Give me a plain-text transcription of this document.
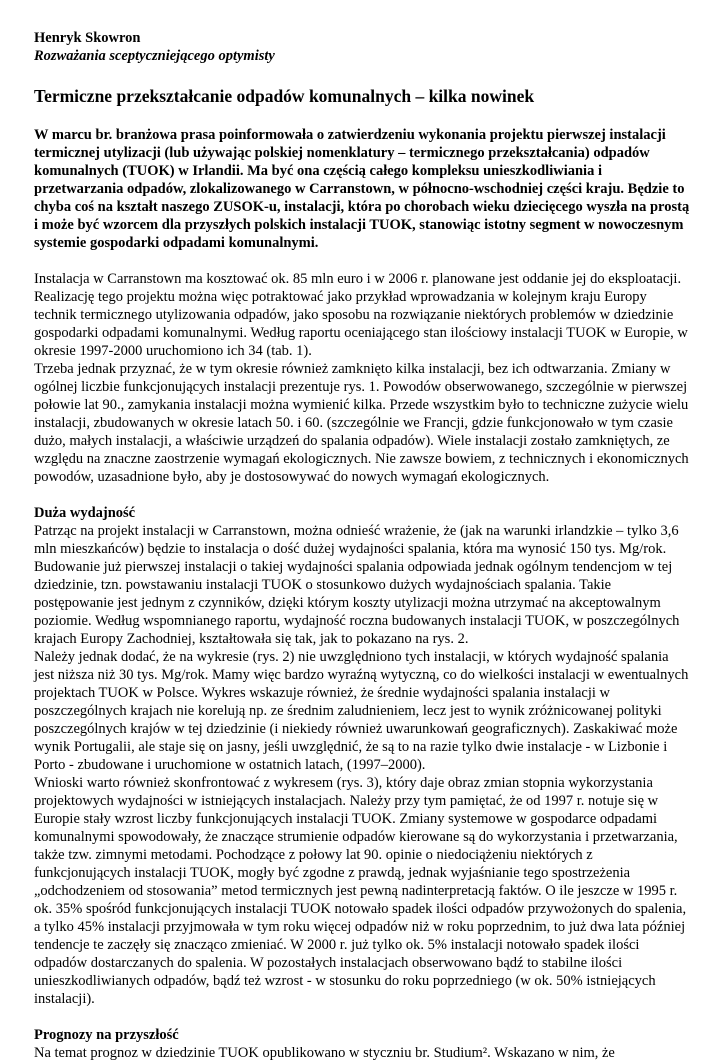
Henryk Skowron

Rozważania sceptyczniejącego optymisty

Termiczne przekształcanie odpadów komunalnych – kilka nowinek

W marcu br. branżowa prasa poinformowała o zatwierdzeniu wykonania projektu pierwszej instalacji termicznej utylizacji (lub używając polskiej nomenklatury – termicznego przekształcania) odpadów komunalnych (TUOK) w Irlandii. Ma być ona częścią całego kompleksu unieszkodliwiania i przetwarzania odpadów, zlokalizowanego w Carranstown, w północno-wschodniej części kraju. Będzie to chyba coś na kształt naszego ZUSOK-u, instalacji, która po chorobach wieku dziecięcego wyszła na prostą i może być wzorcem dla przyszłych polskich instalacji TUOK, stanowiąc istotny segment w nowoczesnym systemie gospodarki odpadami komunalnymi.

Instalacja w Carranstown ma kosztować ok. 85 mln euro i w 2006 r. planowane jest oddanie jej do eksploatacji. Realizację tego projektu można więc potraktować jako przykład wprowadzania w kolejnym kraju Europy technik termicznego utylizowania odpadów, jako sposobu na rozwiązanie niektórych problemów w dziedzinie gospodarki odpadami komunalnymi. Według raportu oceniającego stan ilościowy instalacji TUOK w Europie, w okresie 1997-2000 uruchomiono ich 34 (tab. 1).

Trzeba jednak przyznać, że w tym okresie również zamknięto kilka instalacji, bez ich odtwarzania. Zmiany w ogólnej liczbie funkcjonujących instalacji prezentuje rys. 1. Powodów obserwowanego, szczególnie w pierwszej połowie lat 90., zamykania instalacji można wymienić kilka. Przede wszystkim było to techniczne zużycie wielu instalacji, zbudowanych w okresie latach 50. i 60. (szczególnie we Francji, gdzie funkcjonowało w tym czasie dużo, małych instalacji, a właściwie urządzeń do spalania odpadów). Wiele instalacji zostało zamkniętych, ze względu na znaczne zaostrzenie wymagań ekologicznych. Nie zawsze bowiem, z technicznych i ekonomicznych powodów, uzasadnione było, aby je dostosowywać do nowych wymagań ekologicznych.

Duża wydajność

Patrząc na projekt instalacji w Carranstown, można odnieść wrażenie, że (jak na warunki irlandzkie – tylko 3,6 mln mieszkańców) będzie to instalacja o dość dużej wydajności spalania, która ma wynosić 150 tys. Mg/rok. Budowanie już pierwszej instalacji o takiej wydajności spalania odpowiada jednak ogólnym tendencjom w tej dziedzinie, tzn. powstawaniu instalacji TUOK o stosunkowo dużych wydajnościach spalania. Takie postępowanie jest jednym z czynników, dzięki którym koszty utylizacji można utrzymać na akceptowalnym poziomie. Według wspomnianego raportu, wydajność roczna budowanych instalacji TUOK, w poszczególnych krajach Europy Zachodniej, kształtowała się tak, jak to pokazano na rys. 2.

Należy jednak dodać, że na wykresie (rys. 2) nie uwzględniono tych instalacji, w których wydajność spalania jest niższa niż 30 tys. Mg/rok. Mamy więc bardzo wyraźną wytyczną, co do wielkości instalacji w ewentualnych projektach TUOK w Polsce. Wykres wskazuje również, że średnie wydajności spalania instalacji w poszczególnych krajach nie korelują np. ze średnim zaludnieniem, lecz jest to wynik zróżnicowanej polityki poszczególnych krajów w tej dziedzinie (i niekiedy również uwarunkowań geograficznych). Zaskakiwać może wynik Portugalii, ale staje się on jasny, jeśli uwzględnić, że są to na razie tylko dwie instalacje - w Lizbonie i Porto - zbudowane i uruchomione w ostatnich latach, (1997–2000).

Wnioski warto również skonfrontować z wykresem (rys. 3), który daje obraz zmian stopnia wykorzystania projektowych wydajności w istniejących instalacjach. Należy przy tym pamiętać, że od 1997 r. notuje się w Europie stały wzrost liczby funkcjonujących instalacji TUOK. Zmiany systemowe w gospodarce odpadami komunalnymi spowodowały, że znaczące strumienie odpadów kierowane są do wykorzystania i przetwarzania, także tzw. zimnymi metodami. Pochodzące z połowy lat 90. opinie o niedociążeniu niektórych z funkcjonujących instalacji TUOK, mogły być zgodne z prawdą, jednak wyjaśnianie tego spostrzeżenia „odchodzeniem od stosowania” metod termicznych jest pewną nadinterpretacją faktów. O ile jeszcze w 1995 r. ok. 35% spośród funkcjonujących instalacji TUOK notowało spadek ilości odpadów przywożonych do spalenia, a tylko 45% instalacji przyjmowała w tym roku więcej odpadów niż w roku poprzednim, to już dwa lata później tendencje te zaczęły się znacząco zmieniać. W 2000 r. już tylko ok. 5% instalacji notowało spadek ilości odpadów dostarczanych do spalenia. W pozostałych instalacjach obserwowano bądź to stabilne ilości unieszkodliwianych odpadów, bądź też wzrost - w stosunku do roku poprzedniego (w ok. 50% istniejących instalacji).

Prognozy na przyszłość

Na temat prognoz w dziedzinie TUOK opublikowano w styczniu br. Studium². Wskazano w nim, że
